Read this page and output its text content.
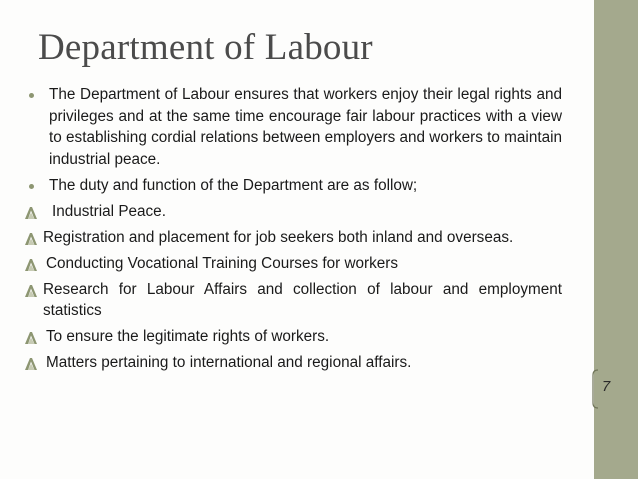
Department of Labour
The Department of Labour ensures that workers enjoy their legal rights and privileges and at the same time encourage fair labour practices with a view to establishing cordial relations between employers and workers to maintain industrial peace.
The duty and function of the Department are as follow;
Industrial Peace.
Registration and placement for job seekers both inland and overseas.
Conducting Vocational Training Courses for workers
Research for Labour Affairs and collection of labour and employment statistics
To ensure the legitimate rights of workers.
Matters pertaining to international and regional affairs.
7
